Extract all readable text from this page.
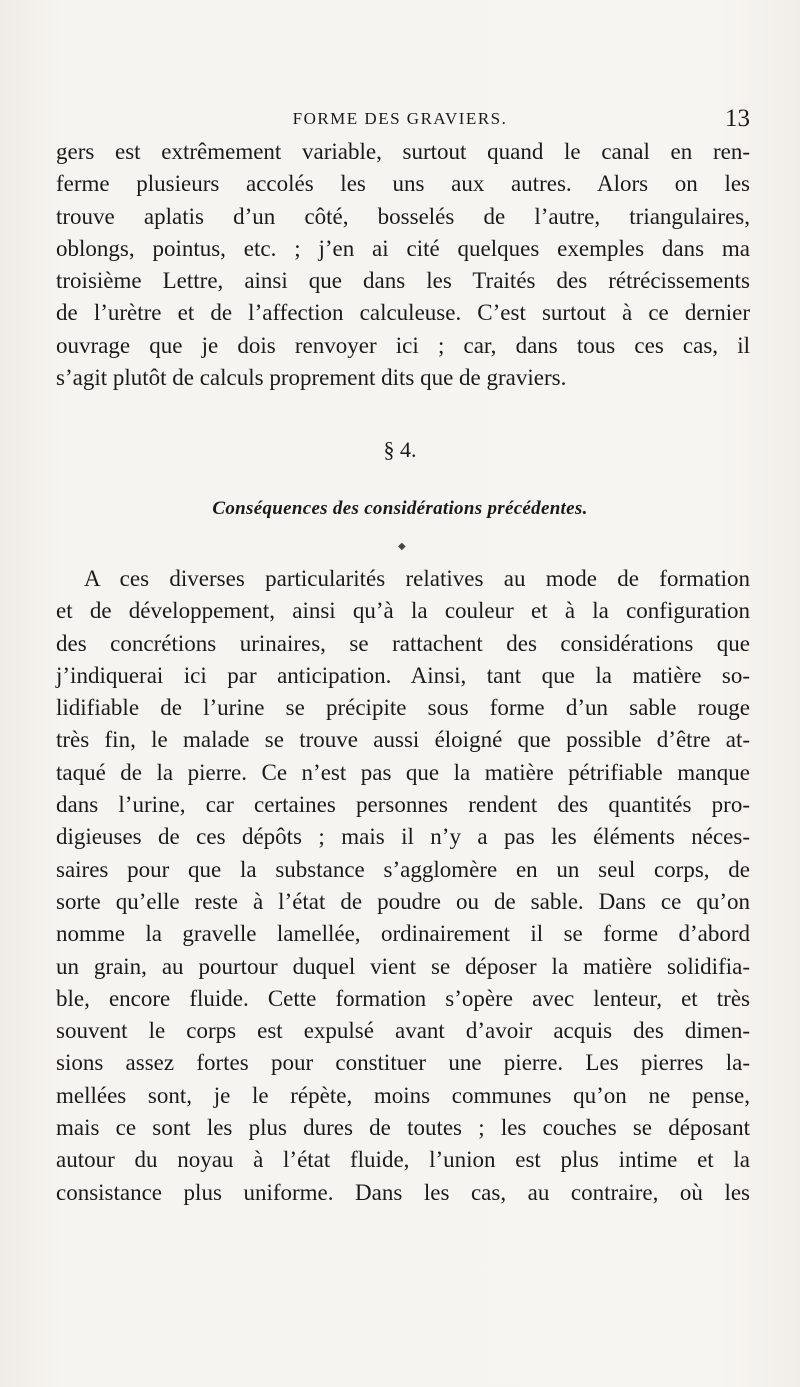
FORME DES GRAVIERS.	13
gers est extrêmement variable, surtout quand le canal en ren-
ferme plusieurs accolés les uns aux autres. Alors on les
trouve aplatis d’un côté, bosselés de l’autre, triangulaires,
oblongs, pointus, etc. ; j’en ai cité quelques exemples dans ma
troisième Lettre, ainsi que dans les Traités des rétrécissements
de l’urètre et de l’affection calculeuse. C’est surtout à ce dernier
ouvrage que je dois renvoyer ici ; car, dans tous ces cas, il
s’agit plutôt de calculs proprement dits que de graviers.
§ 4.
Conséquences des considérations précédentes.
◆
A ces diverses particularités relatives au mode de formation
et de développement, ainsi qu’à la couleur et à la configuration
des concrétions urinaires, se rattachent des considérations que
j’indiquerai ici par anticipation. Ainsi, tant que la matière so-
lidifiable de l’urine se précipite sous forme d’un sable rouge
très fin, le malade se trouve aussi éloigné que possible d’être at-
taqué de la pierre. Ce n’est pas que la matière pétrifiable manque
dans l’urine, car certaines personnes rendent des quantités pro-
digieuses de ces dépôts ; mais il n’y a pas les éléments néces-
saires pour que la substance s’agglomère en un seul corps, de
sorte qu’elle reste à l’état de poudre ou de sable. Dans ce qu’on
nomme la gravelle lamellée, ordinairement il se forme d’abord
un grain, au pourtour duquel vient se déposer la matière solidifia-
ble, encore fluide. Cette formation s’opère avec lenteur, et très
souvent le corps est expulsé avant d’avoir acquis des dimen-
sions assez fortes pour constituer une pierre. Les pierres la-
mellées sont, je le répète, moins communes qu’on ne pense,
mais ce sont les plus dures de toutes ; les couches se déposant
autour du noyau à l’état fluide, l’union est plus intime et la
consistance plus uniforme. Dans les cas, au contraire, où les
